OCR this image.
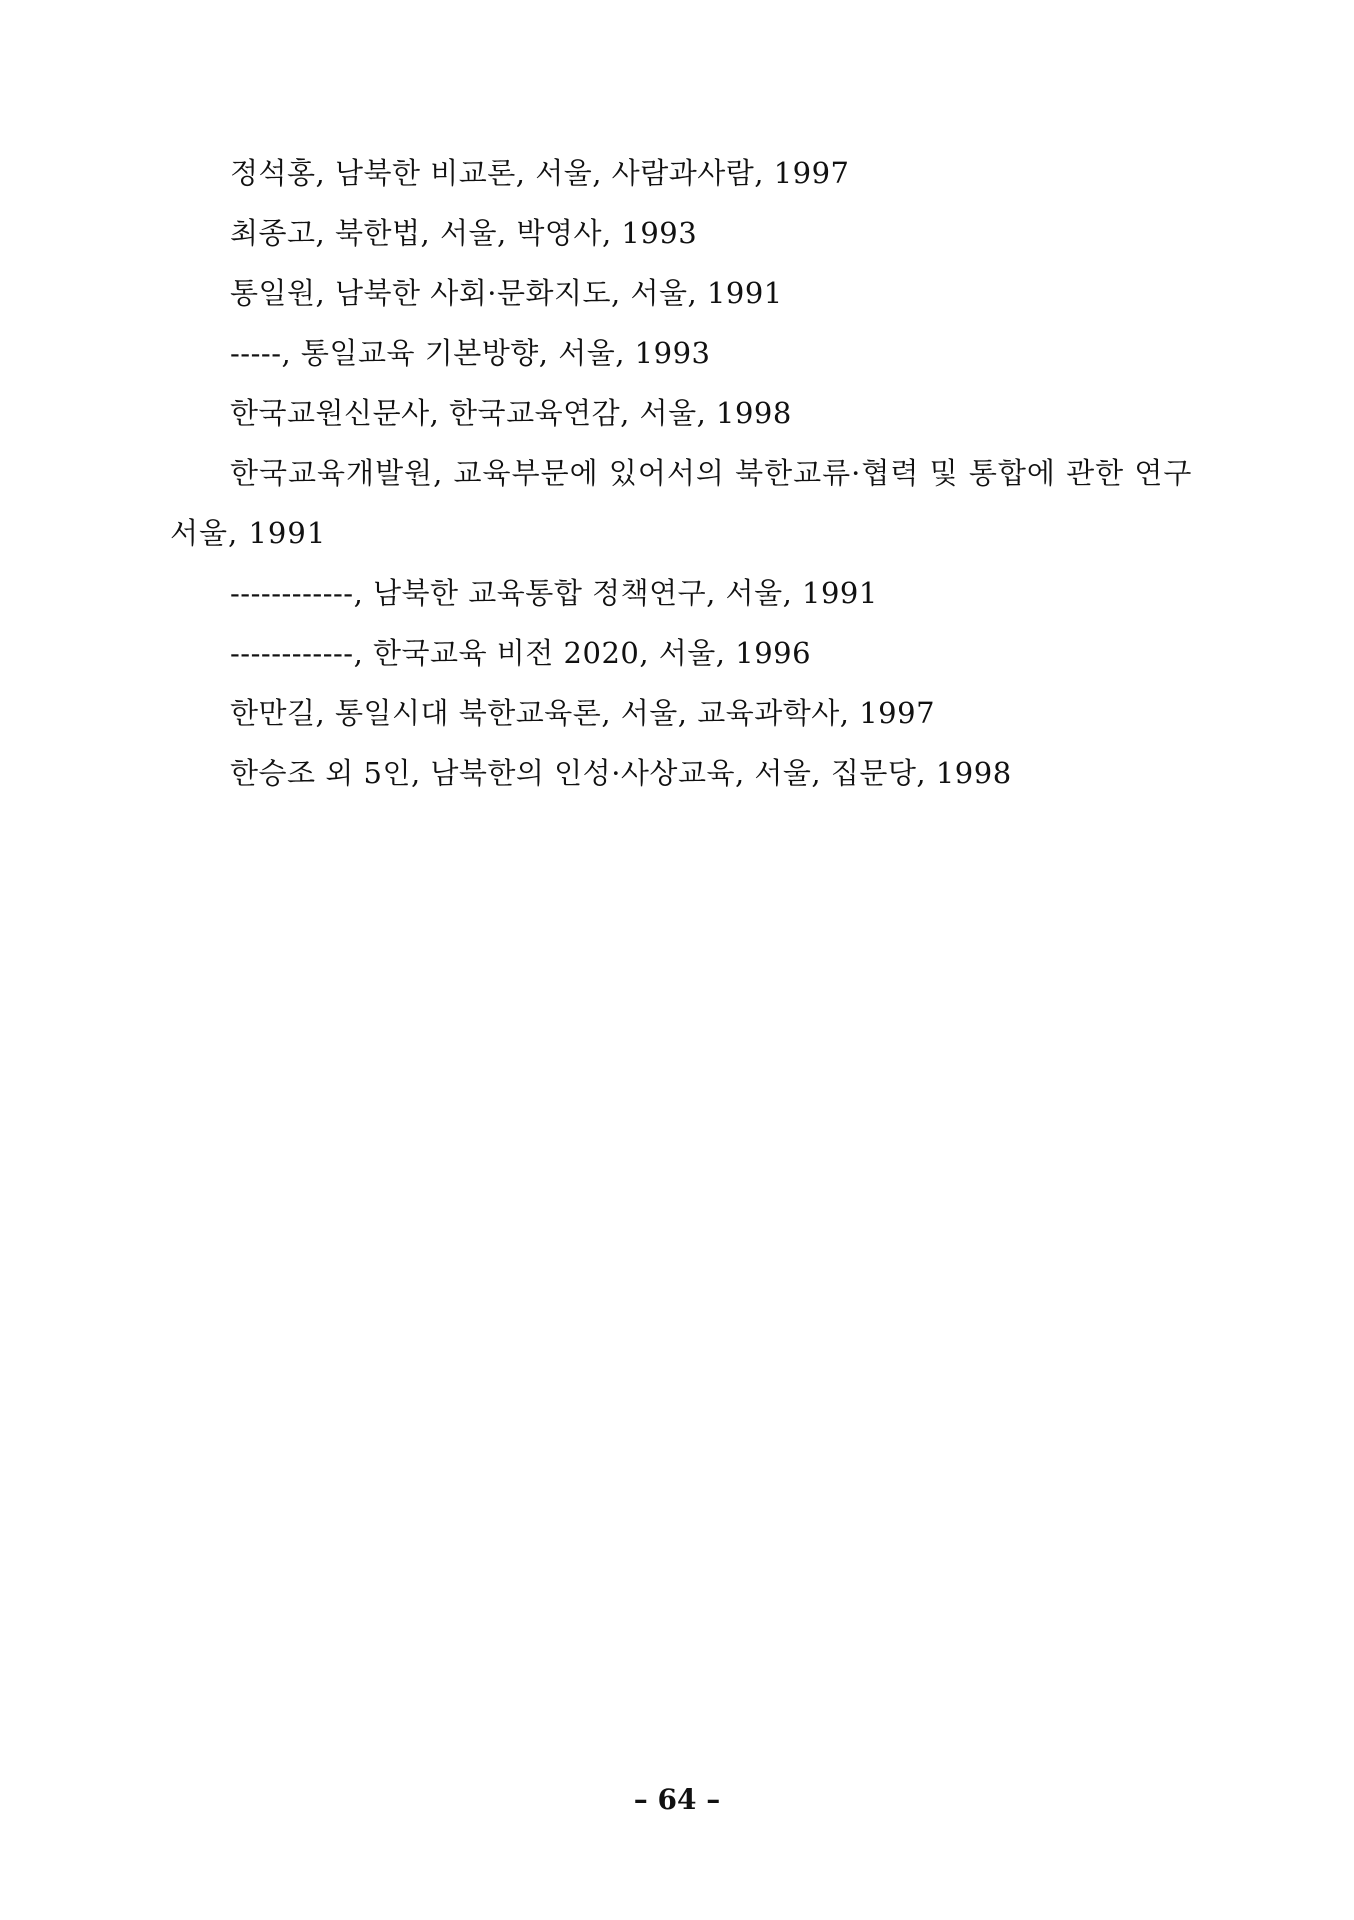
정석홍, 남북한 비교론, 서울, 사람과사람, 1997
최종고, 북한법, 서울, 박영사, 1993
통일원, 남북한 사회·문화지도, 서울, 1991
-----, 통일교육 기본방향, 서울, 1993
한국교원신문사, 한국교육연감, 서울, 1998
한국교육개발원, 교육부문에 있어서의 북한교류·협력 및 통합에 관한 연구 서울, 1991
------------, 남북한 교육통합 정책연구, 서울, 1991
------------, 한국교육 비전 2020, 서울, 1996
한만길, 통일시대 북한교육론, 서울, 교육과학사, 1997
한승조 외 5인, 남북한의 인성·사상교육, 서울, 집문당, 1998
– 64 –
